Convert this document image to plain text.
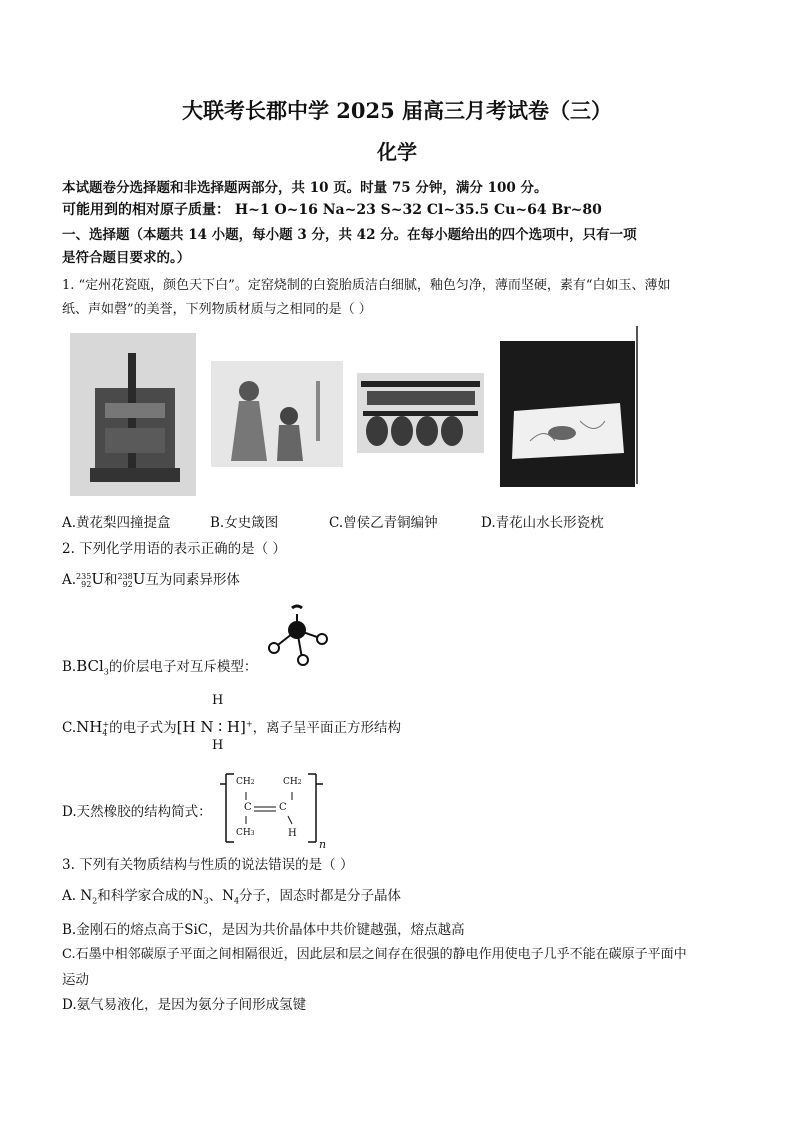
大联考长郡中学 2025 届高三月考试卷（三）
化学
本试题卷分选择题和非选择题两部分，共 10 页。时量 75 分钟，满分 100 分。
可能用到的相对原子质量： H~1 O~16 Na~23 S~32 Cl~35.5 Cu~64 Br~80
一、选择题（本题共 14 小题，每小题 3 分，共 42 分。在每小题给出的四个选项中，只有一项
是符合题目要求的。）
1. “定州花瓷瓯，颜色天下白”。定窑烧制的白瓷胎质洁白细腻，釉色匀净，薄而坚硬，素有“白如玉、薄如
纸、声如磬”的美誉，下列物质材质与之相同的是（ ）
A.黄花梨四撞提盒	B.女史箴图	C.曾侯乙青铜编钟	D.青花山水长形瓷枕
2. 下列化学用语的表示正确的是（ ）
A.235
92U和238
92U互为同素异形体
B.BCl$_3$的价层电子对互斥模型：
H
H
$C.NH_4^+$的电子式为[H N ∶ H]+，离子呈平面正方形结构
D.天然橡胶的结构简式：
CH2	CH2
C	C
CH3	H
n
3. 下列有关物质结构与性质的说法错误的是（ ）
A. $N_2$和科学家合成的$N_3$、$N_4$分子，固态时都是分子晶体
B.金刚石的熔点高于SiC，是因为共价晶体中共价键越强，熔点越高
C.石墨中相邻碳原子平面之间相隔很近，因此层和层之间存在很强的静电作用使电子几乎不能在碳原子平面中
运动
D.氨气易液化，是因为氨分子间形成氢键
